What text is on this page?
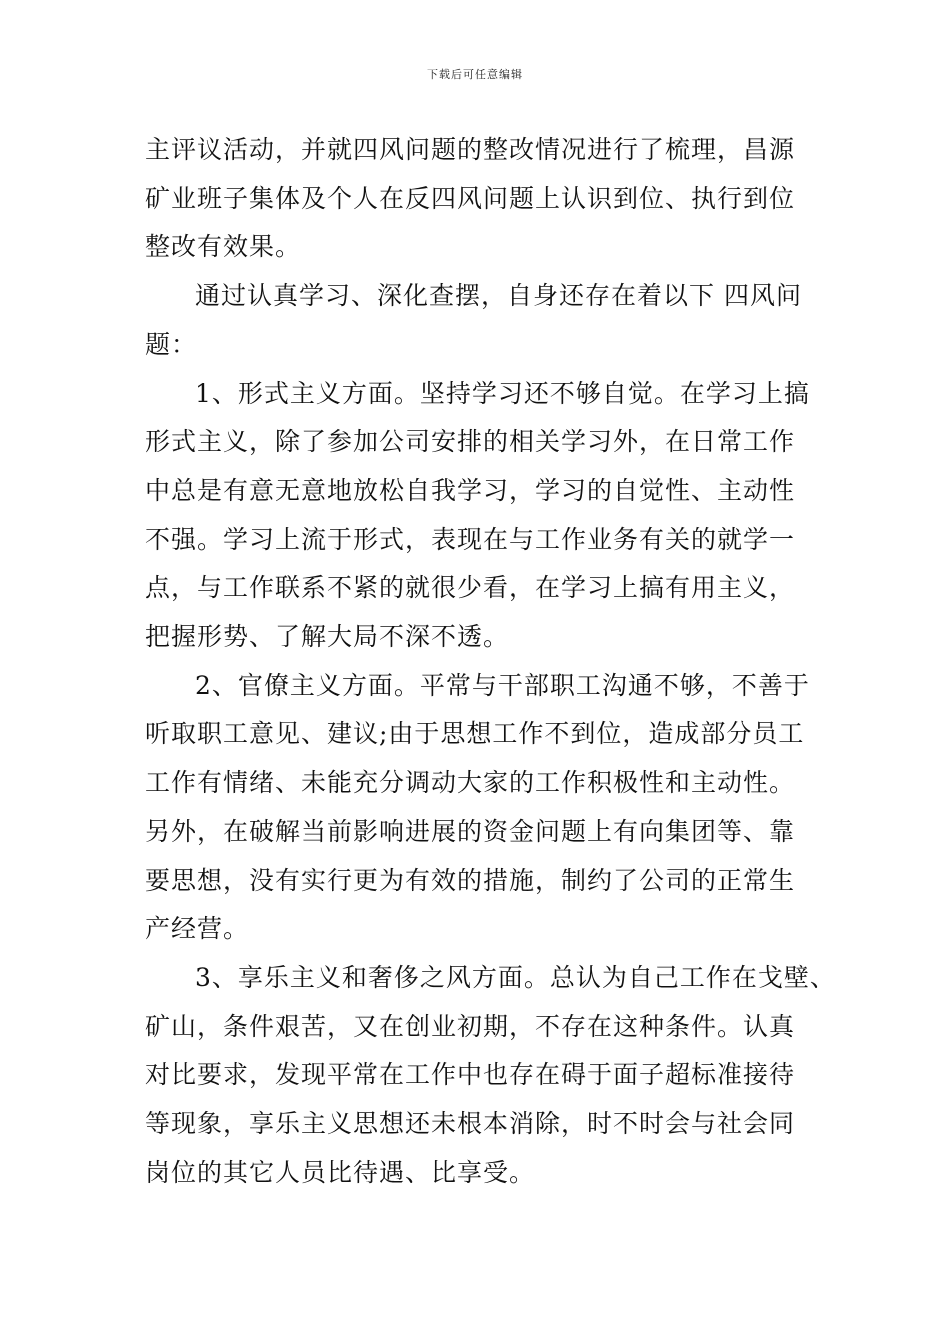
下载后可任意编辑
主评议活动，并就四风问题的整改情况进行了梳理，昌源
矿业班子集体及个人在反四风问题上认识到位、执行到位
整改有效果。
通过认真学习、深化查摆，自身还存在着以下 四风问
题：
1、形式主义方面。坚持学习还不够自觉。在学习上搞
形式主义，除了参加公司安排的相关学习外，在日常工作
中总是有意无意地放松自我学习，学习的自觉性、主动性
不强。学习上流于形式，表现在与工作业务有关的就学一
点，与工作联系不紧的就很少看，在学习上搞有用主义，
把握形势、了解大局不深不透。
2、官僚主义方面。平常与干部职工沟通不够，不善于
听取职工意见、建议;由于思想工作不到位，造成部分员工
工作有情绪、未能充分调动大家的工作积极性和主动性。
另外，在破解当前影响进展的资金问题上有向集团等、靠
要思想，没有实行更为有效的措施，制约了公司的正常生
产经营。
3、享乐主义和奢侈之风方面。总认为自己工作在戈壁、
矿山，条件艰苦，又在创业初期，不存在这种条件。认真
对比要求，发现平常在工作中也存在碍于面子超标准接待
等现象，享乐主义思想还未根本消除，时不时会与社会同
岗位的其它人员比待遇、比享受。
